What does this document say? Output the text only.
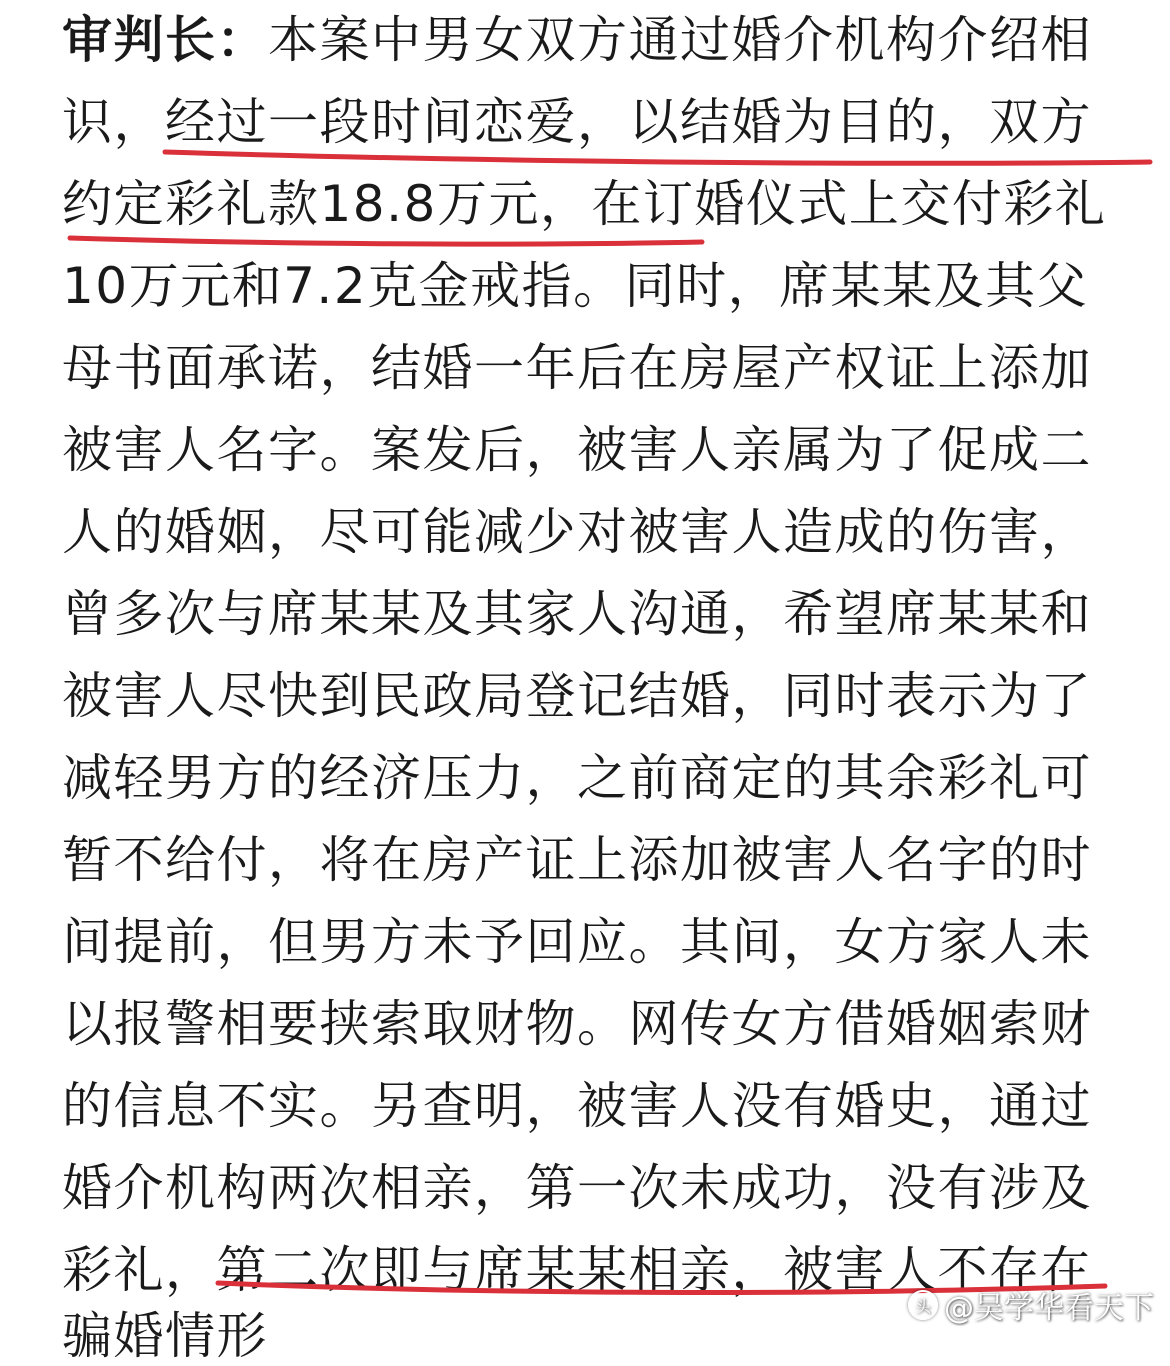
审判长：本案中男女双方通过婚介机构介绍相
识，经过一段时间恋爱，以结婚为目的，双方
约定彩礼款18.8万元，在订婚仪式上交付彩礼
10万元和7.2克金戒指。同时，席某某及其父
母书面承诺，结婚一年后在房屋产权证上添加
被害人名字。案发后，被害人亲属为了促成二
人的婚姻，尽可能减少对被害人造成的伤害，
曾多次与席某某及其家人沟通，希望席某某和
被害人尽快到民政局登记结婚，同时表示为了
减轻男方的经济压力，之前商定的其余彩礼可
暂不给付，将在房产证上添加被害人名字的时
间提前，但男方未予回应。其间，女方家人未
以报警相要挟索取财物。网传女方借婚姻索财
的信息不实。另查明，被害人没有婚史，通过
婚介机构两次相亲，第一次未成功，没有涉及
彩礼，第二次即与席某某相亲，被害人不存在
骗婚情形
头 @吴学华看天下
